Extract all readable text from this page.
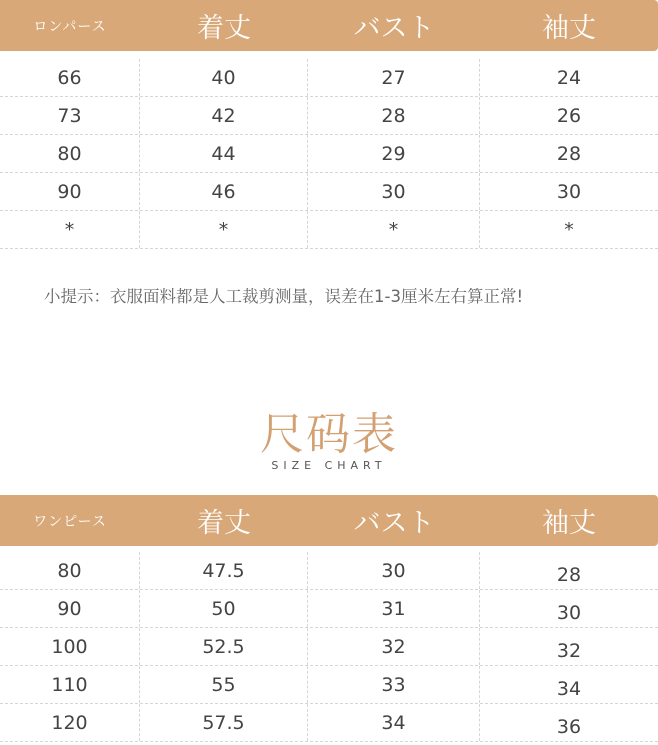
ロンパース	着丈	バスト	袖丈
66	40	27	24
73	42	28	26
80	44	29	28
90	46	30	30
*	*	*	*
小提示：衣服面料都是人工裁剪测量，误差在1-3厘米左右算正常!
尺码表
SIZE CHART
ワンピース	着丈	バスト	袖丈
80	47.5	30	28
90	50	31	30
100	52.5	32	32
110	55	33	34
120	57.5	34	36
